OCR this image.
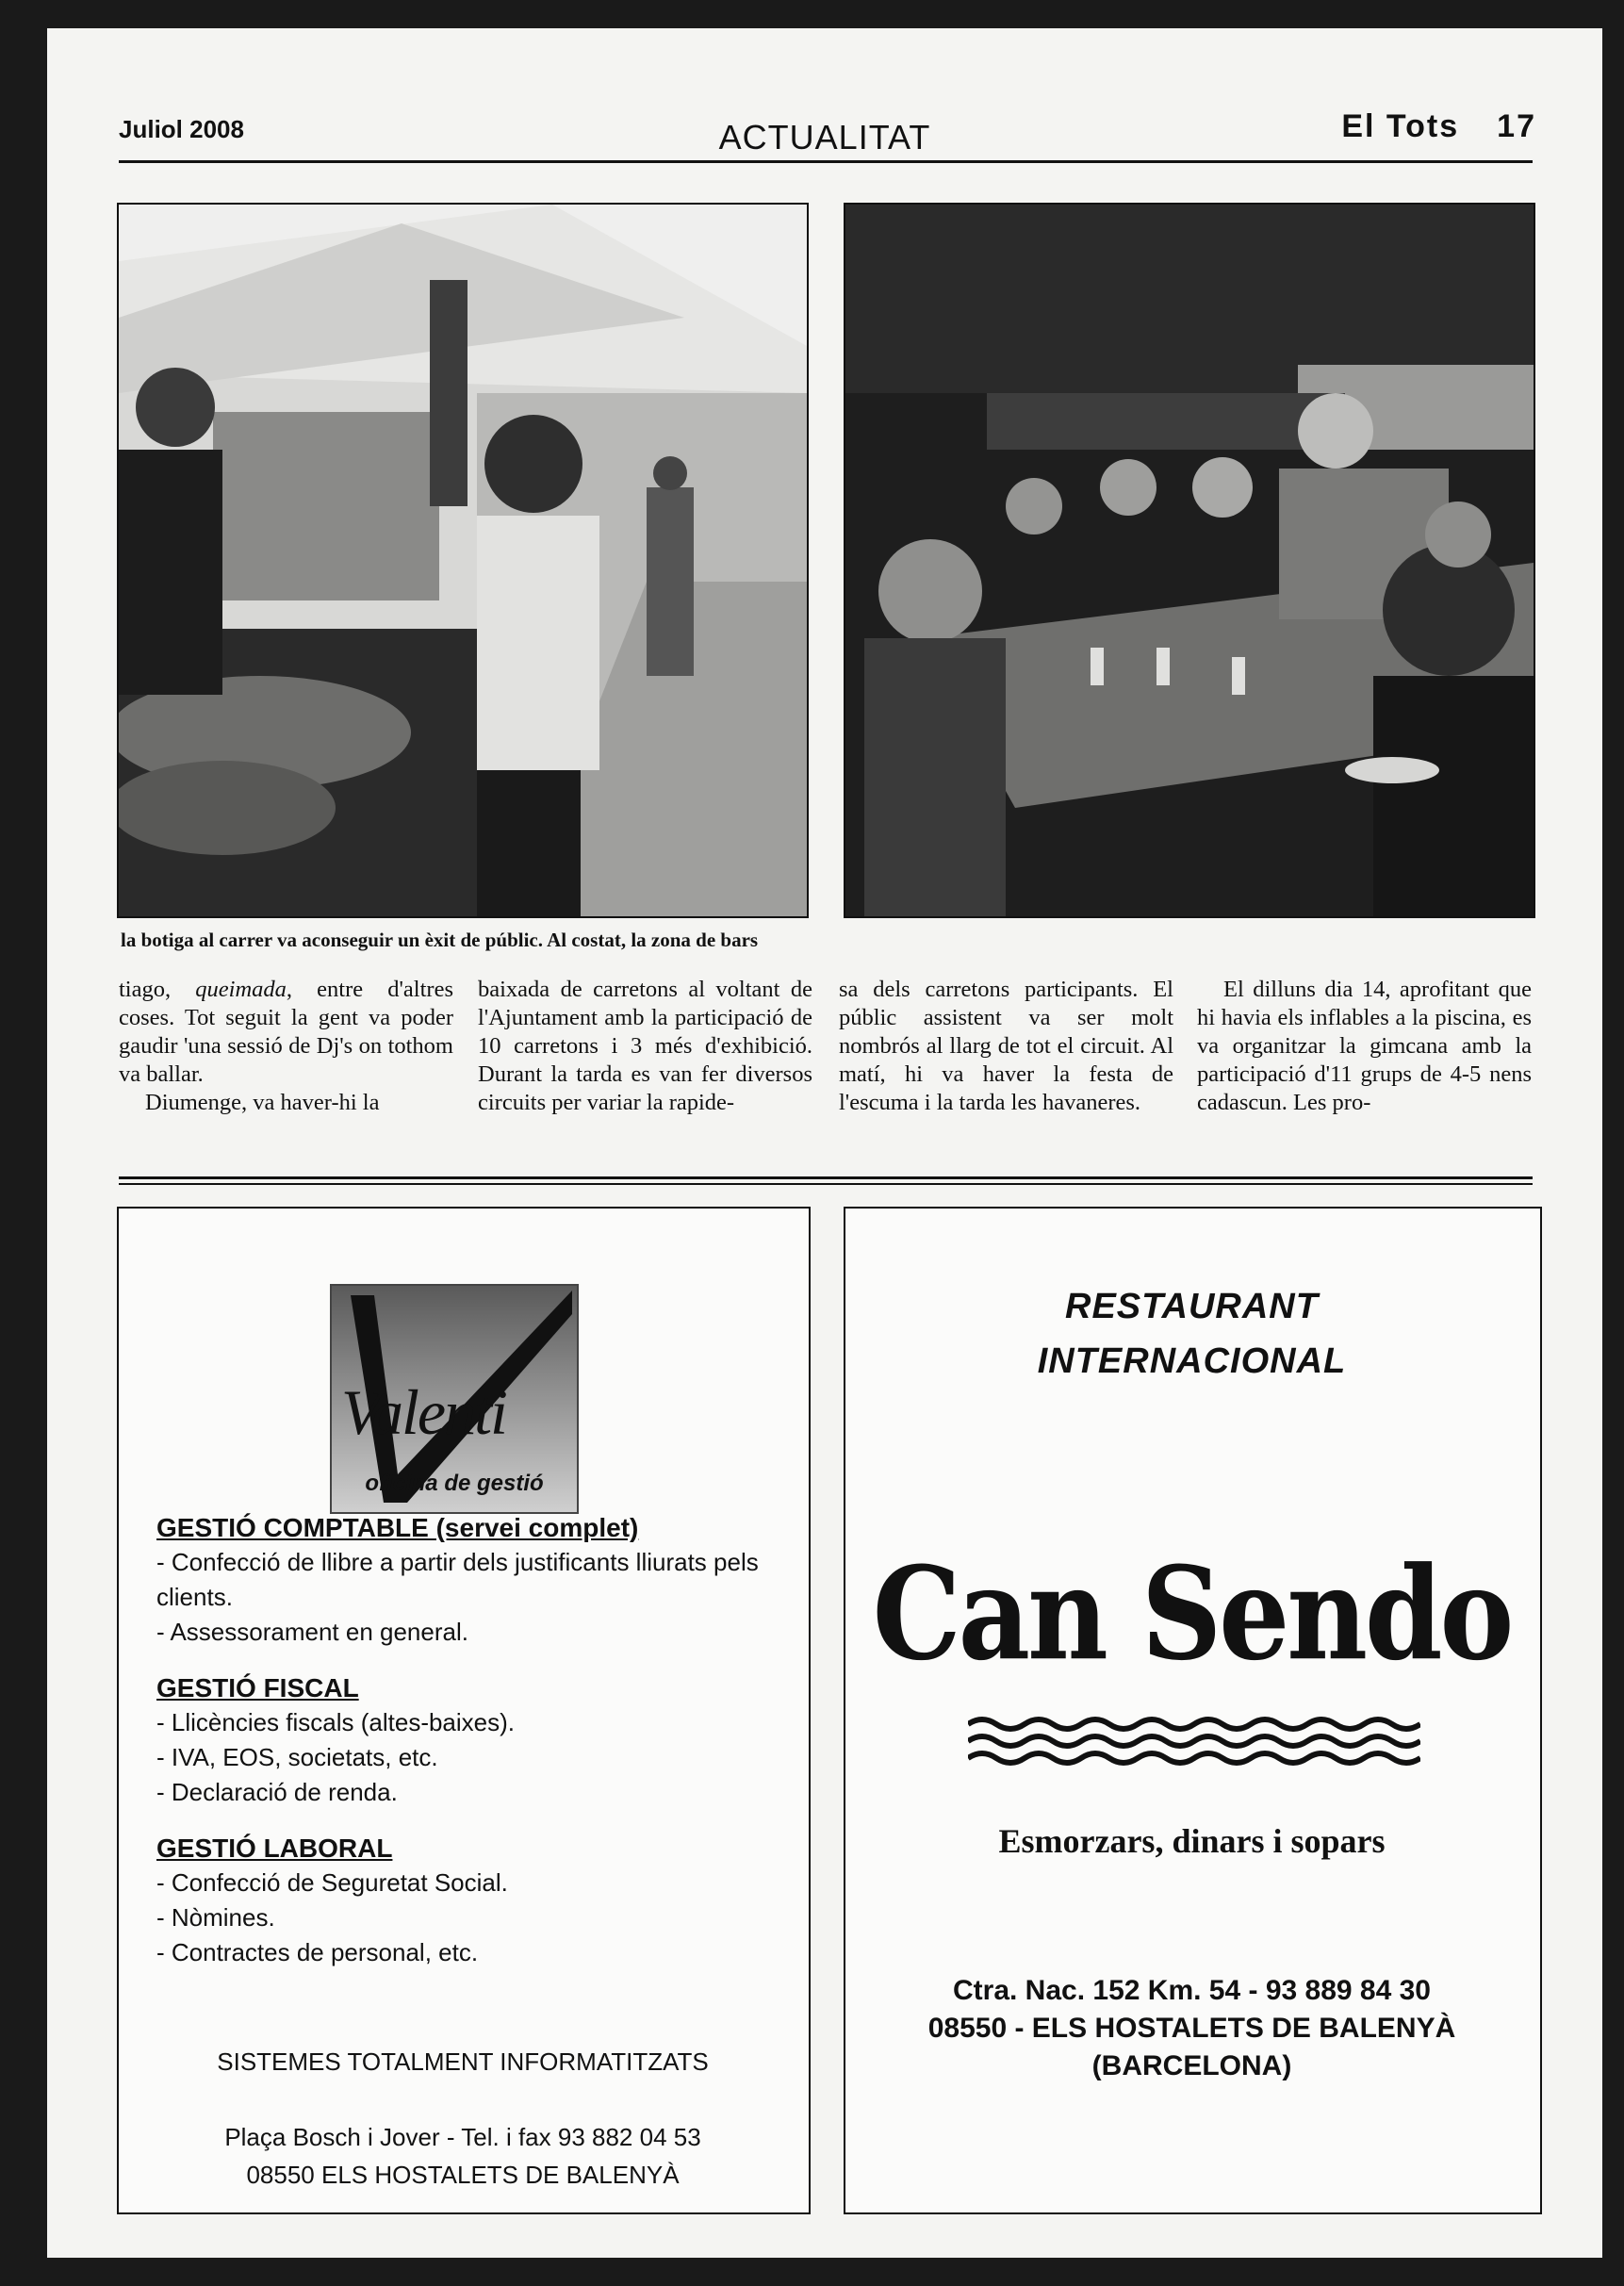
Juliol 2008	ACTUALITAT	El Tots 17
la botiga al carrer va aconseguir un èxit de públic. Al costat, la zona de bars

tiago, queimada, entre d'altres coses. Tot seguit la gent va poder gaudir 'una sessió de Dj's on tothom va ballar.

Diumenge, va haver-hi la

baixada de carretons al voltant de l'Ajuntament amb la participació de 10 carretons i 3 més d'exhibició. Durant la tarda es van fer diversos circuits per variar la rapide-

sa dels carretons participants. El públic assistent va ser molt nombrós al llarg de tot el circuit. Al matí, hi va haver la festa de l'escuma i la tarda les havaneres.

El dilluns dia 14, aprofitant que hi havia els inflables a la piscina, es va organitzar la gimcana amb la participació d'11 grups de 4-5 nens cadascun. Les pro-

Valenti
oficina de gestió
GESTIÓ COMPTABLE (servei complet)
- Confecció de llibre a partir dels justificants lliurats pels clients.
- Assessorament en general.
GESTIÓ FISCAL
- Llicències fiscals (altes-baixes).
- IVA, EOS, societats, etc.
- Declaració de renda.
GESTIÓ LABORAL
- Confecció de Seguretat Social.
- Nòmines.
- Contractes de personal, etc.
SISTEMES TOTALMENT INFORMATITZATS
Plaça Bosch i Jover - Tel. i fax 93 882 04 53
08550 ELS HOSTALETS DE BALENYÀ
RESTAURANT
INTERNACIONAL
Can Sendo
Esmorzars, dinars i sopars
Ctra. Nac. 152 Km. 54 - 93 889 84 30
08550 - ELS HOSTALETS DE BALENYÀ
(BARCELONA)
